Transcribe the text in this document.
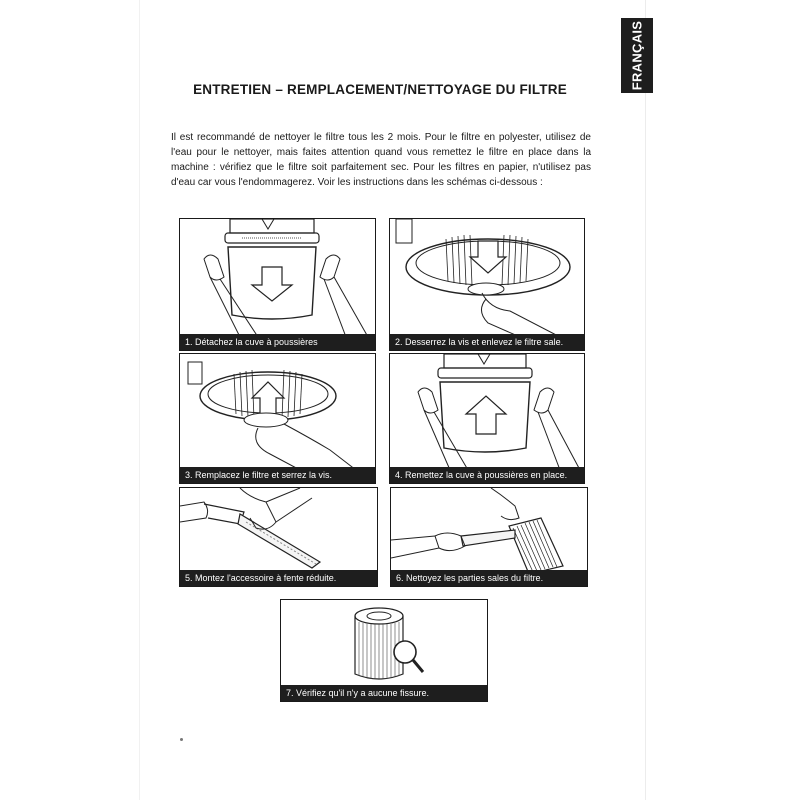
FRANÇAIS
ENTRETIEN – REMPLACEMENT/NETTOYAGE DU FILTRE
Il est recommandé de nettoyer le filtre tous les 2 mois. Pour le filtre en polyester, utilisez de l'eau pour le nettoyer, mais faites attention quand vous remettez le filtre en place dans la machine : vérifiez que le filtre soit parfaitement sec. Pour les filtres en papier, n'utilisez pas d'eau car vous l'endommagerez. Voir les instructions dans les schémas ci-dessous :
1. Détachez la cuve à poussières	2. Desserrez la vis et enlevez le filtre sale.
3. Remplacez le filtre et serrez la vis.	4. Remettez la cuve à poussières en place.
5. Montez l'accessoire à fente réduite.	6. Nettoyez les parties sales du filtre.
7. Vérifiez qu'il n'y a aucune fissure.
